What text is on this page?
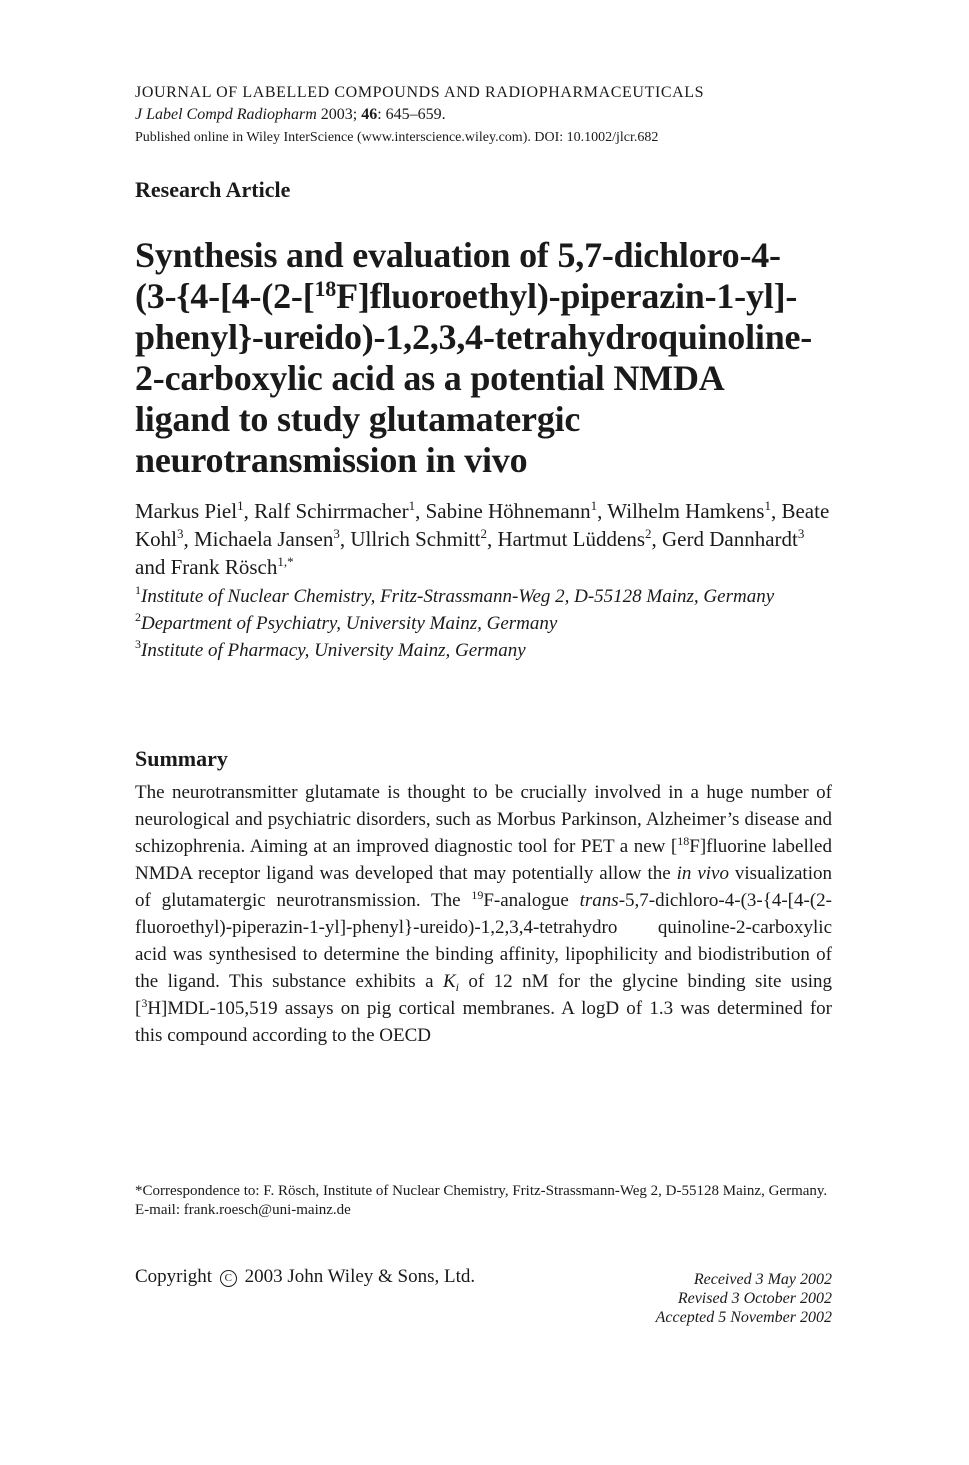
JOURNAL OF LABELLED COMPOUNDS AND RADIOPHARMACEUTICALS
J Label Compd Radiopharm 2003; 46: 645–659.
Published online in Wiley InterScience (www.interscience.wiley.com). DOI: 10.1002/jlcr.682
Research Article
Synthesis and evaluation of 5,7-dichloro-4-
(3-{4-[4-(2-[$^{18}$F]fluoroethyl)-piperazin-1-yl]-
phenyl}-ureido)-1,2,3,4-tetrahydroquinoline-
2-carboxylic acid as a potential NMDA
ligand to study glutamatergic
neurotransmission in vivo
Markus Piel$^1$, Ralf Schirrmacher$^1$, Sabine Höhnemann$^1$, Wilhelm Hamkens$^1$, Beate Kohl$^3$, Michaela Jansen$^3$, Ullrich Schmitt$^2$, Hartmut Lüddens$^2$, Gerd Dannhardt$^3$ and Frank Rösch$^{1,*}$
$^1$Institute of Nuclear Chemistry, Fritz-Strassmann-Weg 2, D-55128 Mainz, Germany
$^2$Department of Psychiatry, University Mainz, Germany
$^3$Institute of Pharmacy, University Mainz, Germany
Summary
The neurotransmitter glutamate is thought to be crucially involved in a huge number of neurological and psychiatric disorders, such as Morbus Parkinson, Alzheimer’s disease and schizophrenia. Aiming at an improved diagnostic tool for PET a new [$^{18}$F]fluorine labelled NMDA receptor ligand was developed that may potentially allow the in vivo visualization of glutamatergic neurotransmission. The $^{19}$F-analogue trans-5,7-dichloro-4-(3-{4-[4-(2-fluoroethyl)-piperazin-1-yl]-phenyl}-ureido)-1,2,3,4-tetrahydro quinoline-2-carboxylic acid was synthesised to determine the binding affinity, lipophilicity and biodistribution of the ligand. This substance exhibits a $K_i$ of 12 nM for the glycine binding site using [$^3$H]MDL-105,519 assays on pig cortical membranes. A logD of 1.3 was determined for this compound according to the OECD
*Correspondence to: F. Rösch, Institute of Nuclear Chemistry, Fritz-Strassmann-Weg 2, D-55128 Mainz, Germany. E-mail: frank.roesch@uni-mainz.de
Copyright C 2003 John Wiley & Sons, Ltd.	Received 3 May 2002
Revised 3 October 2002
Accepted 5 November 2002
